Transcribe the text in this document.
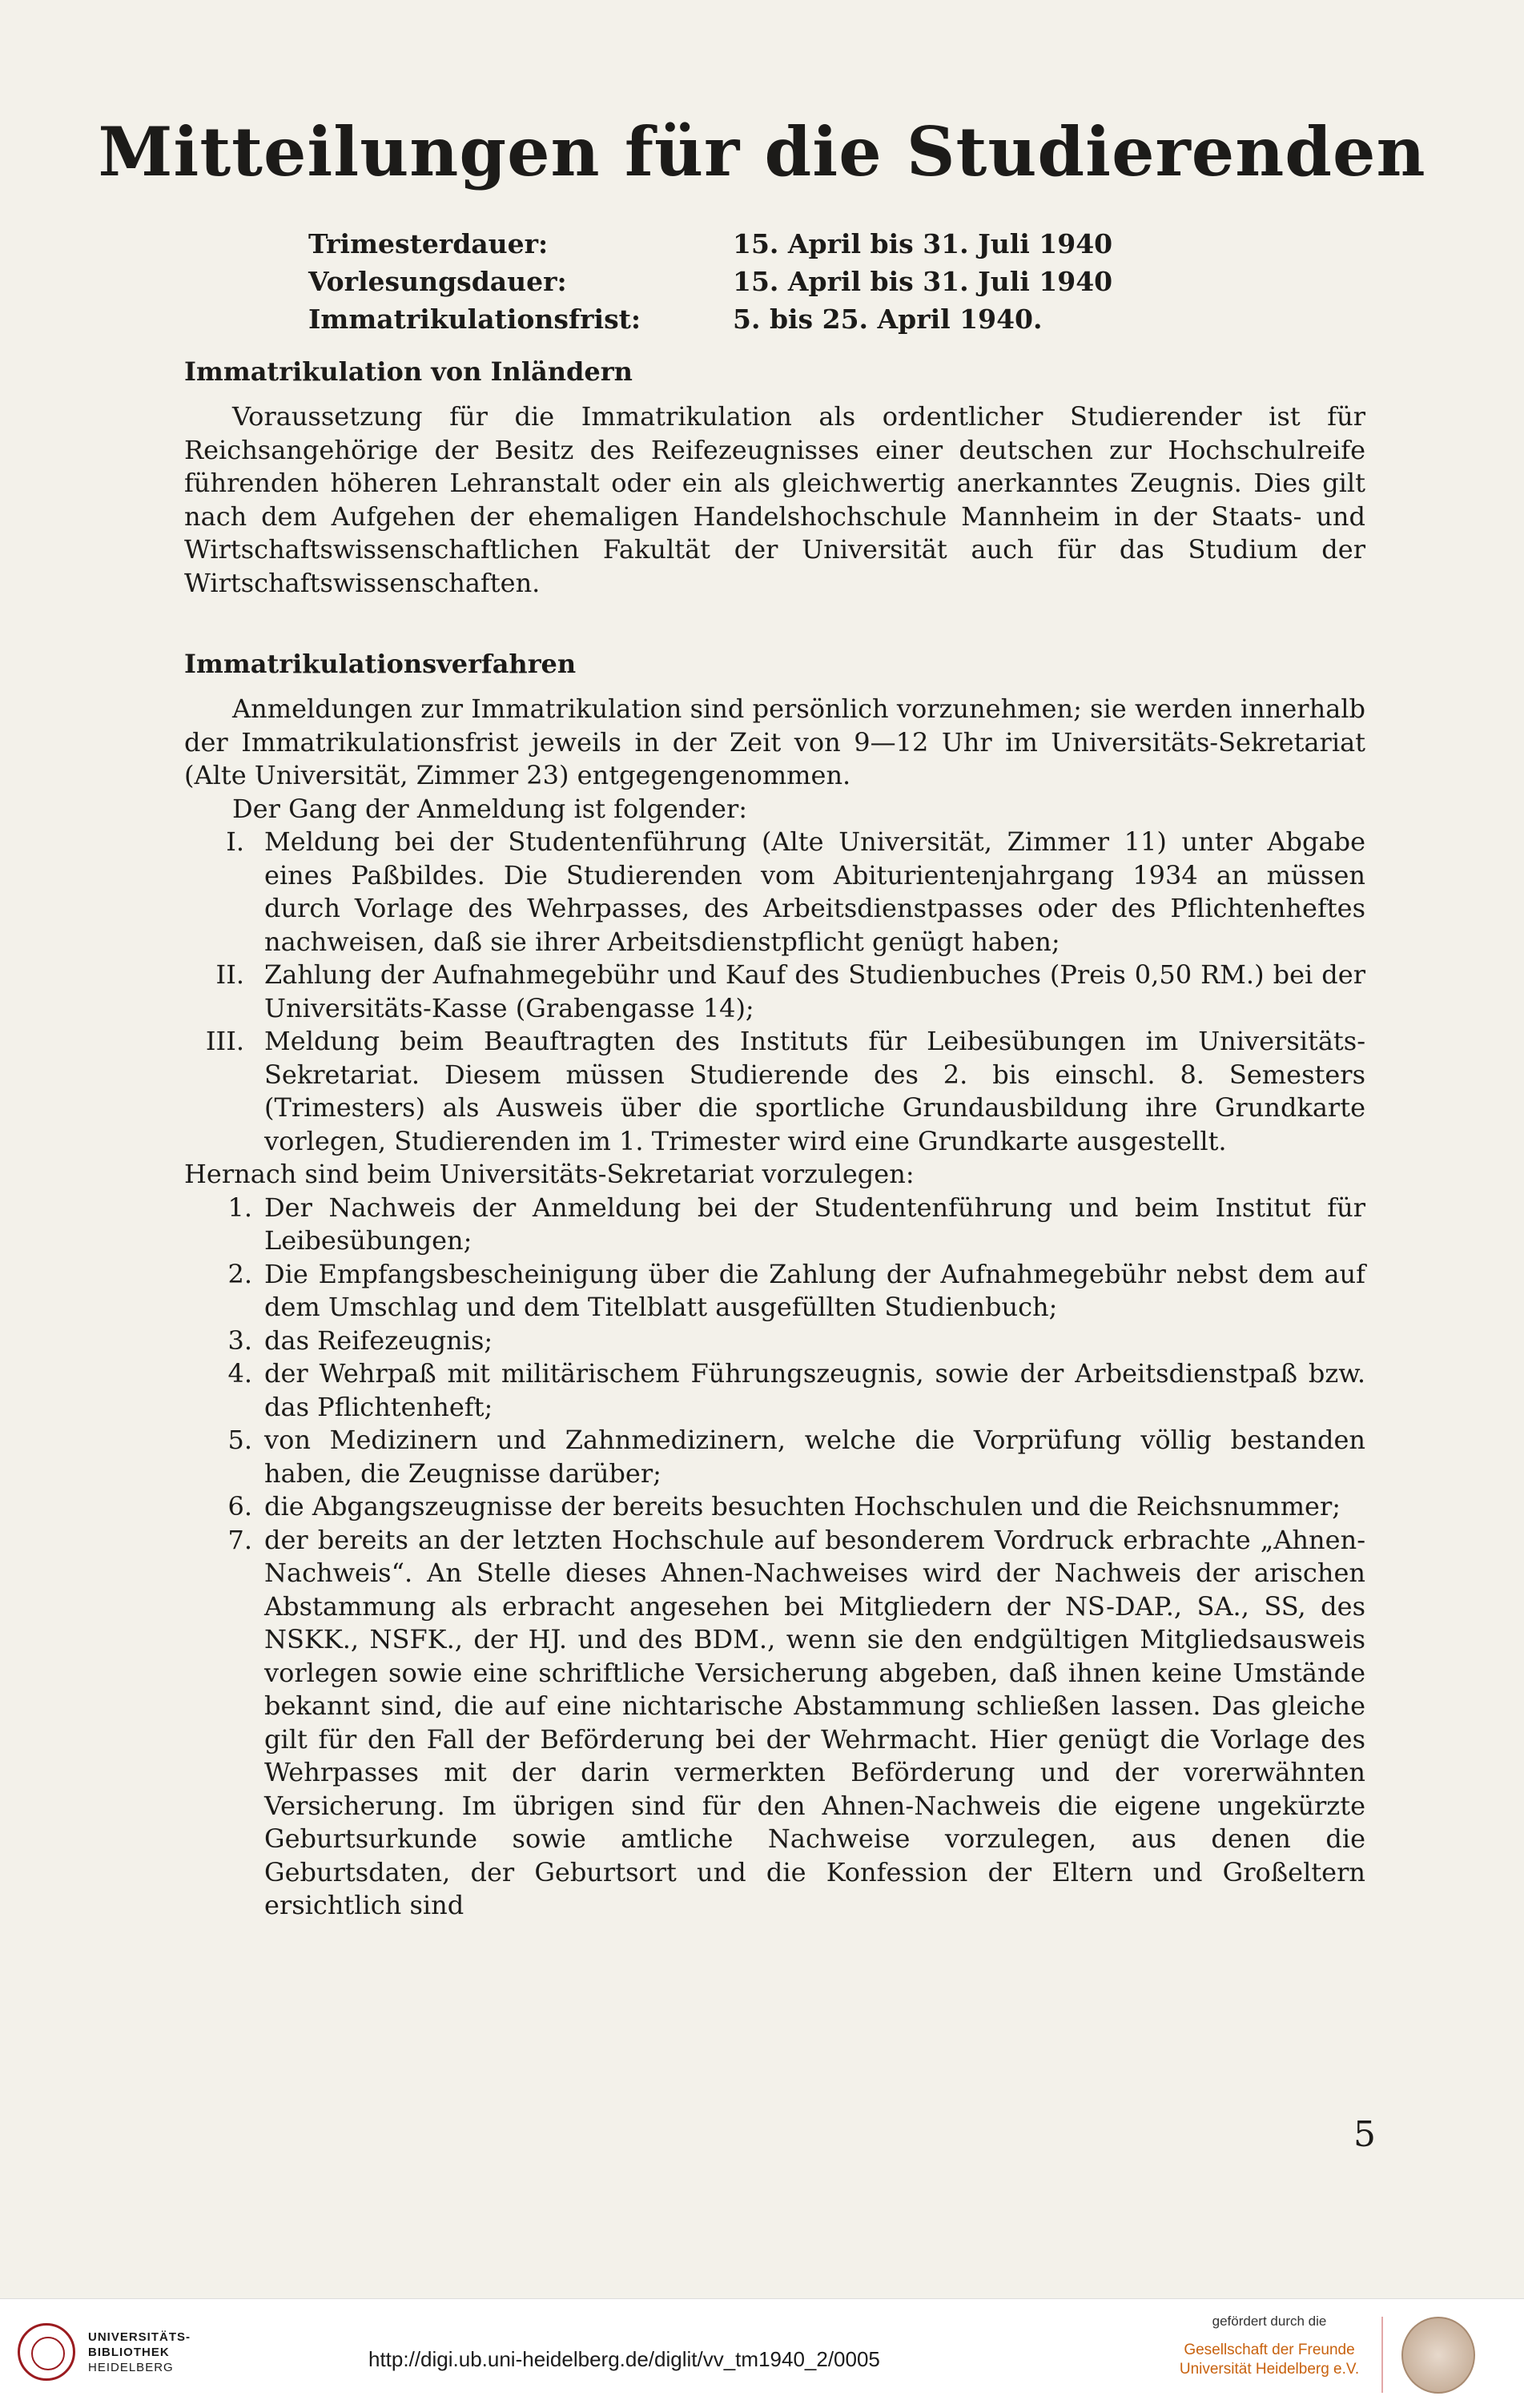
Mitteilungen für die Studierenden
Trimesterdauer:	15. April bis 31. Juli 1940
Vorlesungsdauer:	15. April bis 31. Juli 1940
Immatrikulationsfrist:	5. bis 25. April 1940.
Immatrikulation von Inländern

Voraussetzung für die Immatrikulation als ordentlicher Studierender ist für Reichsangehörige der Besitz des Reifezeugnisses einer deutschen zur Hochschulreife führenden höheren Lehranstalt oder ein als gleichwertig anerkanntes Zeugnis. Dies gilt nach dem Aufgehen der ehemaligen Handelshochschule Mannheim in der Staats- und Wirtschaftswissenschaftlichen Fakultät der Universität auch für das Studium der Wirtschaftswissenschaften.

Immatrikulationsverfahren

Anmeldungen zur Immatrikulation sind persönlich vorzunehmen; sie werden innerhalb der Immatrikulationsfrist jeweils in der Zeit von 9—12 Uhr im Universitäts-Sekretariat (Alte Universität, Zimmer 23) entgegengenommen.

Der Gang der Anmeldung ist folgender:

I. Meldung bei der Studentenführung (Alte Universität, Zimmer 11) unter Abgabe eines Paßbildes. Die Studierenden vom Abiturientenjahrgang 1934 an müssen durch Vorlage des Wehrpasses, des Arbeitsdienstpasses oder des Pflichtenheftes nachweisen, daß sie ihrer Arbeitsdienstpflicht genügt haben;

II. Zahlung der Aufnahmegebühr und Kauf des Studienbuches (Preis 0,50 RM.) bei der Universitäts-Kasse (Grabengasse 14);

III. Meldung beim Beauftragten des Instituts für Leibesübungen im Universitäts-Sekretariat. Diesem müssen Studierende des 2. bis einschl. 8. Semesters (Trimesters) als Ausweis über die sportliche Grundausbildung ihre Grundkarte vorlegen, Studierenden im 1. Trimester wird eine Grundkarte ausgestellt.

Hernach sind beim Universitäts-Sekretariat vorzulegen:

1. Der Nachweis der Anmeldung bei der Studentenführung und beim Institut für Leibesübungen;

2. Die Empfangsbescheinigung über die Zahlung der Aufnahmegebühr nebst dem auf dem Umschlag und dem Titelblatt ausgefüllten Studienbuch;

3. das Reifezeugnis;

4. der Wehrpaß mit militärischem Führungszeugnis, sowie der Arbeitsdienstpaß bzw. das Pflichtenheft;

5. von Medizinern und Zahnmedizinern, welche die Vorprüfung völlig bestanden haben, die Zeugnisse darüber;

6. die Abgangszeugnisse der bereits besuchten Hochschulen und die Reichsnummer;

7. der bereits an der letzten Hochschule auf besonderem Vordruck erbrachte „Ahnen-Nachweis“. An Stelle dieses Ahnen-Nachweises wird der Nachweis der arischen Abstammung als erbracht angesehen bei Mitgliedern der NS-DAP., SA., SS, des NSKK., NSFK., der HJ. und des BDM., wenn sie den endgültigen Mitgliedsausweis vorlegen sowie eine schriftliche Versicherung abgeben, daß ihnen keine Umstände bekannt sind, die auf eine nichtarische Abstammung schließen lassen. Das gleiche gilt für den Fall der Beförderung bei der Wehrmacht. Hier genügt die Vorlage des Wehrpasses mit der darin vermerkten Beförderung und der vorerwähnten Versicherung. Im übrigen sind für den Ahnen-Nachweis die eigene ungekürzte Geburtsurkunde sowie amtliche Nachweise vorzulegen, aus denen die Geburtsdaten, der Geburtsort und die Konfession der Eltern und Großeltern ersichtlich sind

5
UNIVERSITÄTS-
BIBLIOTHEK
HEIDELBERG	http://digi.ub.uni-heidelberg.de/diglit/vv_tm1940_2/0005
gefördert durch die
Gesellschaft der Freunde
Universität Heidelberg e.V.
